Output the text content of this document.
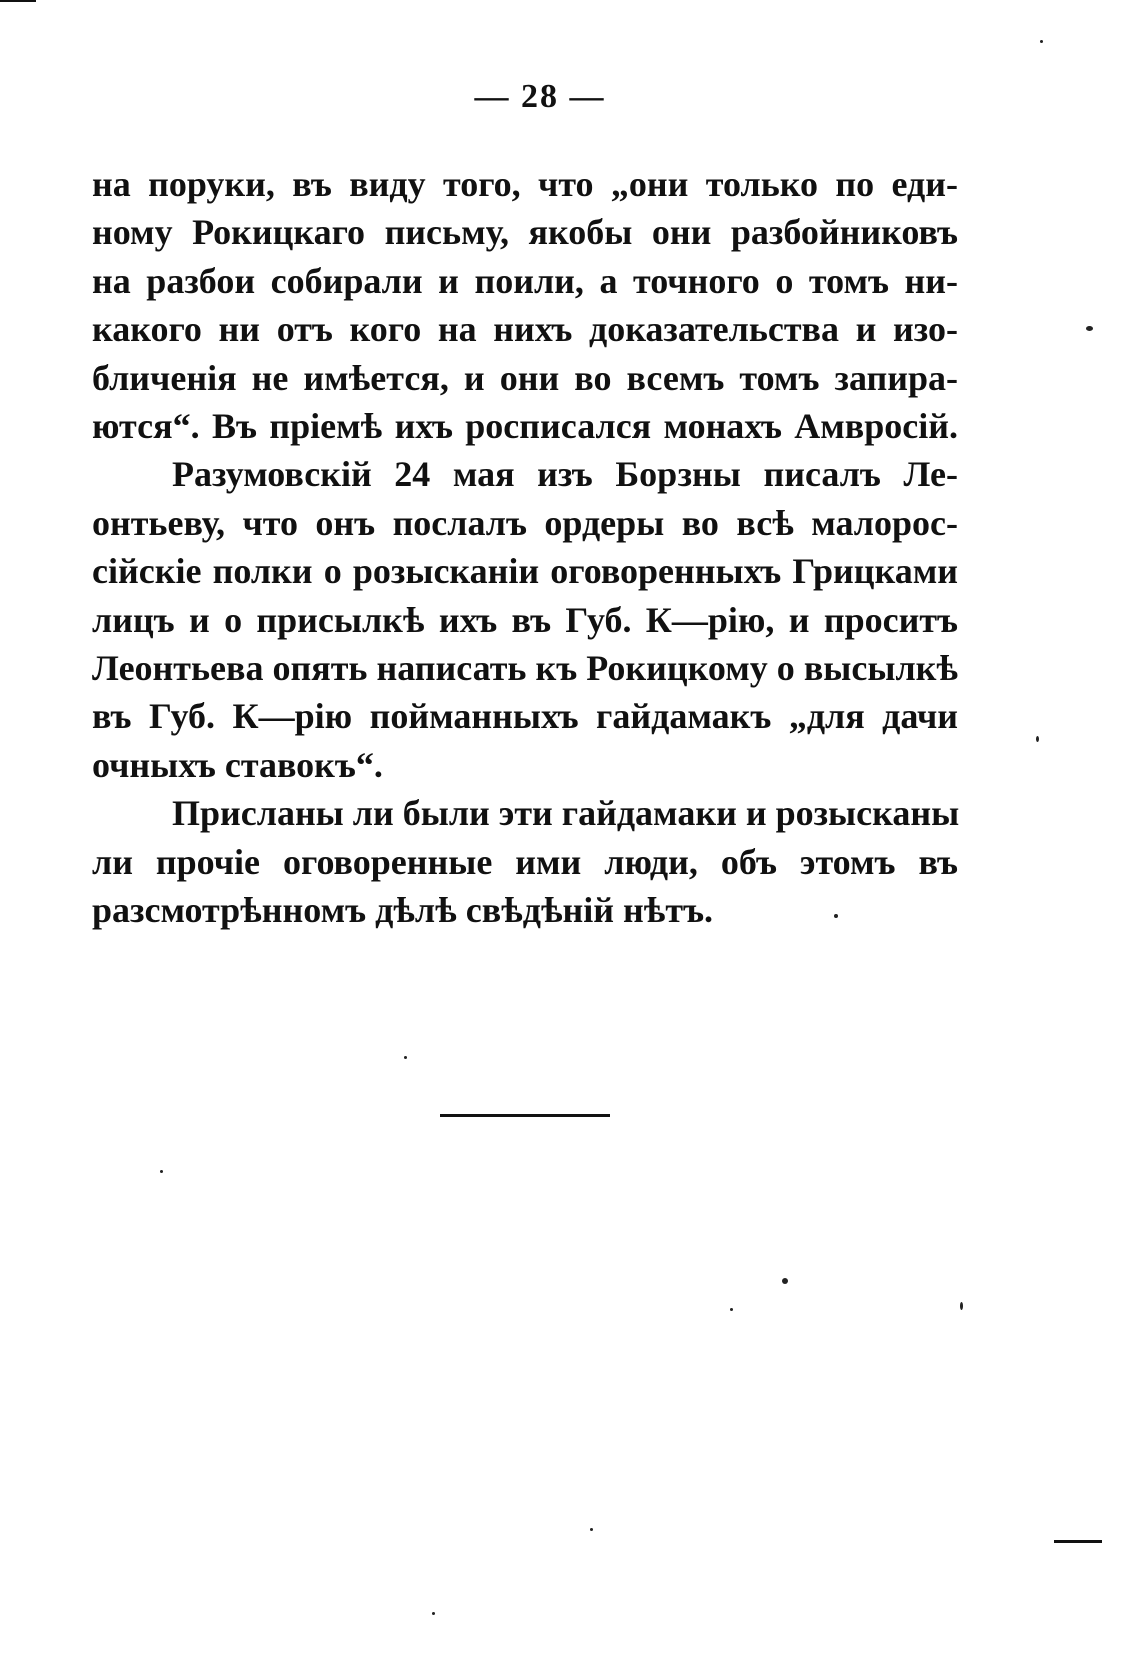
— 28 —
на поруки, въ виду того, что „они только по еди-
ному Рокицкаго письму, якобы они разбойниковъ
на разбои собирали и поили, а точного о томъ ни-
какого ни отъ кого на нихъ доказательства и изо-
бличенія не имѣется, и они во всемъ томъ запира-
ются“. Въ пріемѣ ихъ росписался монахъ Амвросій.
Разумовскій 24 мая изъ Борзны писалъ Ле-
онтьеву, что онъ послалъ ордеры во всѣ малорос-
сійскіе полки о розысканіи оговоренныхъ Грицками
лицъ и о присылкѣ ихъ въ Губ. К—рію, и проситъ
Леонтьева опять написать къ Рокицкому о высылкѣ
въ Губ. К—рію пойманныхъ гайдамакъ „для дачи
очныхъ ставокъ“.
Присланы ли были эти гайдамаки и розысканы
ли прочіе оговоренные ими люди, объ этомъ въ
разсмотрѣнномъ дѣлѣ свѣдѣній нѣтъ.
